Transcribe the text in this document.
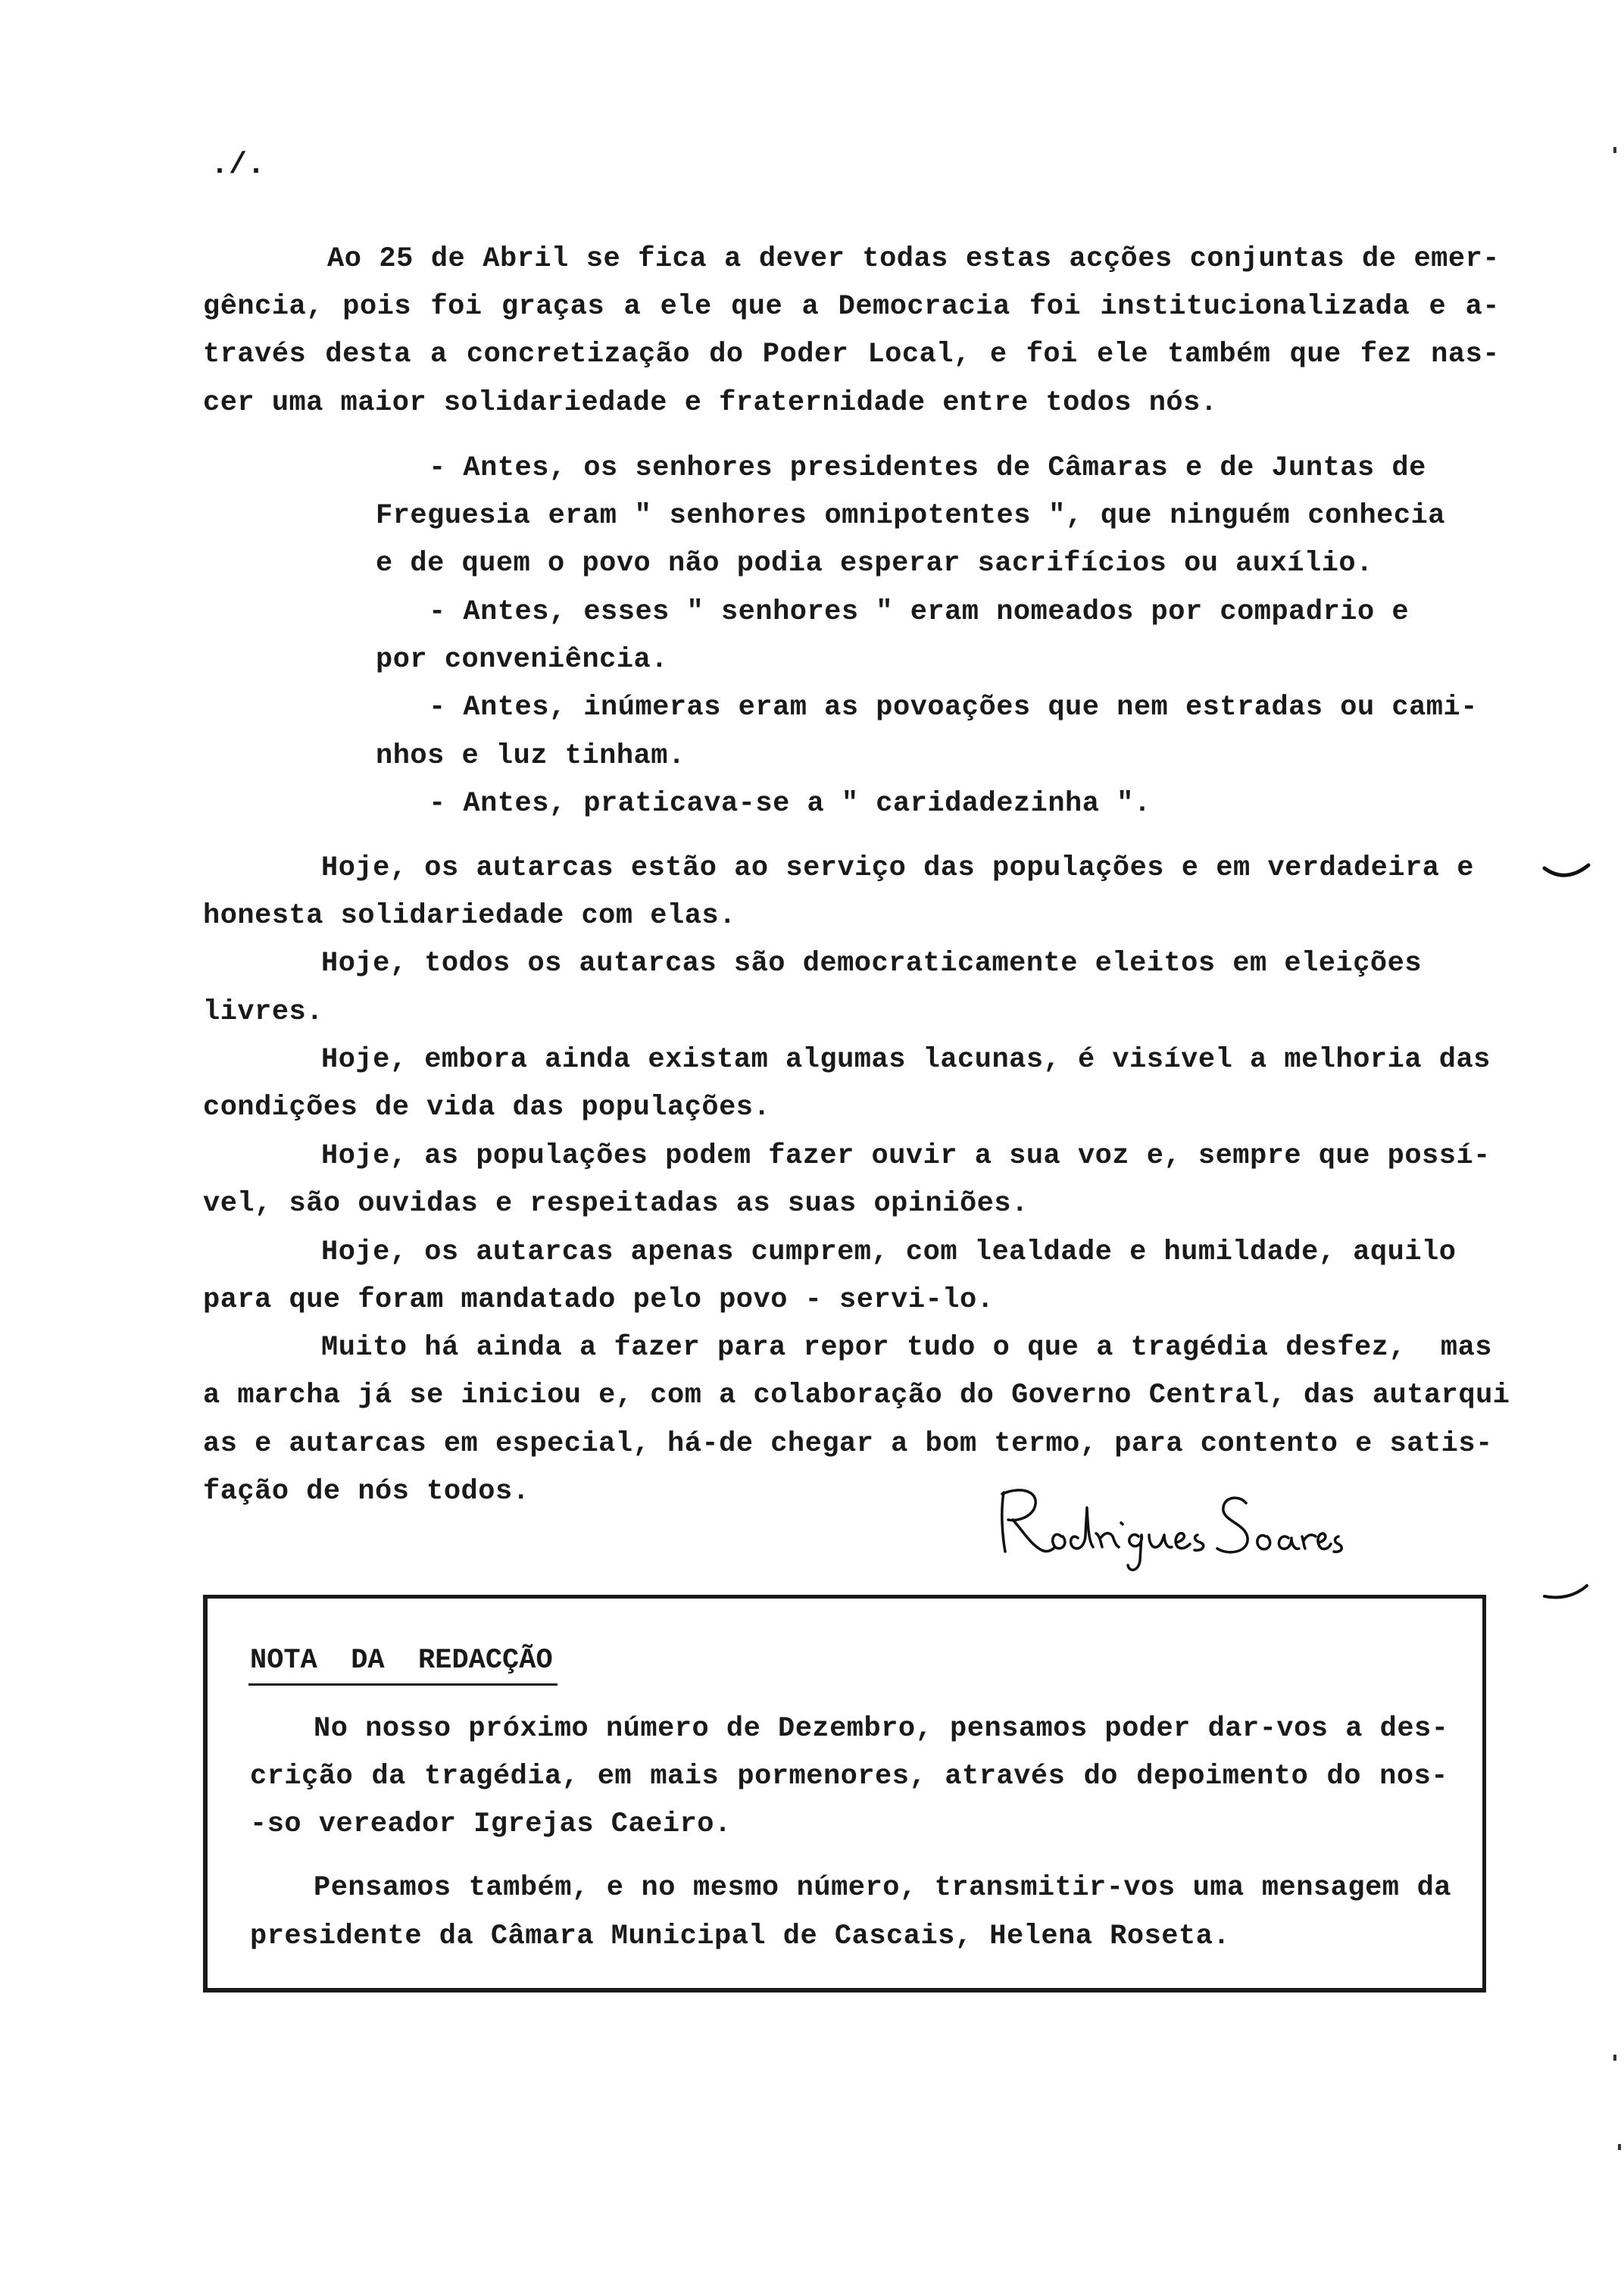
./.
Ao 25 de Abril se fica a dever todas estas acções conjuntas de emer-
gência, pois foi graças a ele que a Democracia foi institucionalizada e a-
través desta a concretização do Poder Local, e foi ele também que fez nas-
cer uma maior solidariedade e fraternidade entre todos nós.
- Antes, os senhores presidentes de Câmaras e de Juntas de
Freguesia eram " senhores omnipotentes ", que ninguém conhecia
e de quem o povo não podia esperar sacrifícios ou auxílio.
- Antes, esses " senhores " eram nomeados por compadrio e
por conveniência.
- Antes, inúmeras eram as povoações que nem estradas ou cami-
nhos e luz tinham.
- Antes, praticava-se a " caridadezinha ".
Hoje, os autarcas estão ao serviço das populações e em verdadeira e
honesta solidariedade com elas.
Hoje, todos os autarcas são democraticamente eleitos em eleições
livres.
Hoje, embora ainda existam algumas lacunas, é visível a melhoria das
condições de vida das populações.
Hoje, as populações podem fazer ouvir a sua voz e, sempre que possí-
vel, são ouvidas e respeitadas as suas opiniões.
Hoje, os autarcas apenas cumprem, com lealdade e humildade, aquilo
para que foram mandatado pelo povo - servi-lo.
Muito há ainda a fazer para repor tudo o que a tragédia desfez,  mas
a marcha já se iniciou e, com a colaboração do Governo Central, das autarqui
as e autarcas em especial, há-de chegar a bom termo, para contento e satis-
fação de nós todos.
NOTA  DA  REDACÇÃO
No nosso próximo número de Dezembro, pensamos poder dar-vos a des-
crição da tragédia, em mais pormenores, através do depoimento do nos-
-so vereador Igrejas Caeiro.
Pensamos também, e no mesmo número, transmitir-vos uma mensagem da
presidente da Câmara Municipal de Cascais, Helena Roseta.
